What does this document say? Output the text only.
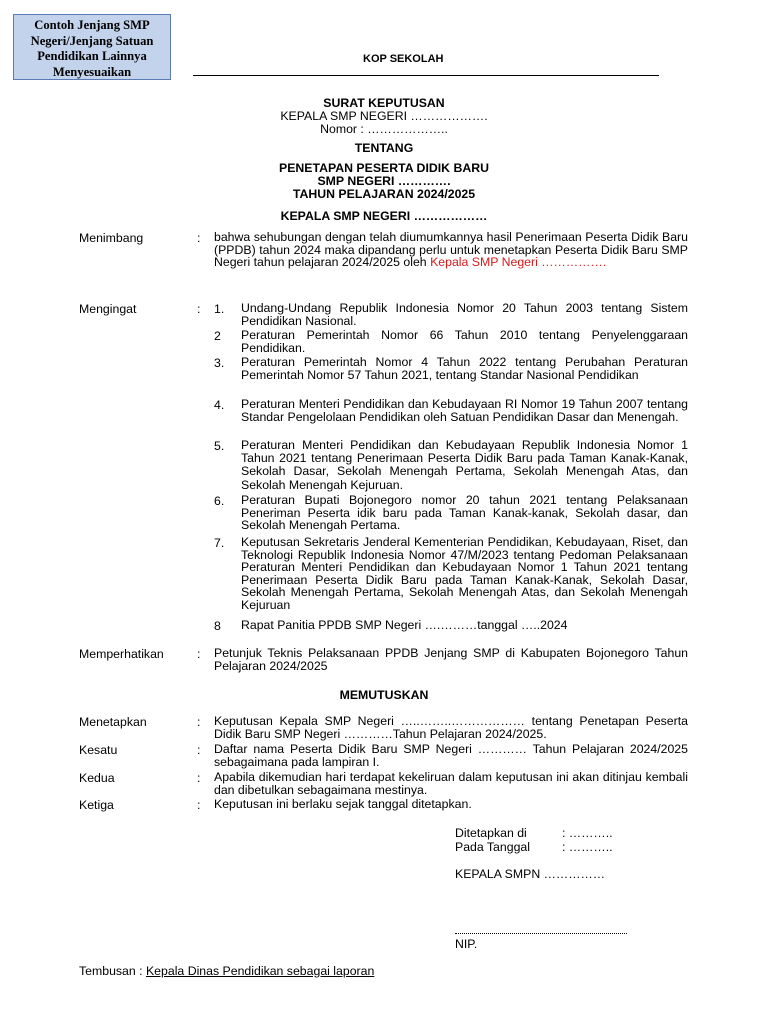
Contoh Jenjang SMP
Negeri/Jenjang Satuan
Pendidikan Lainnya
Menyesuaikan
KOP SEKOLAH
SURAT KEPUTUSAN
KEPALA SMP NEGERI ……………….
Nomor : ………………..
TENTANG
PENETAPAN PESERTA DIDIK BARU
SMP NEGERI ………….
TAHUN PELAJARAN 2024/2025
KEPALA SMP NEGERI ………………
Menimbang	: bahwa sehubungan dengan telah diumumkannya hasil Penerimaan Peserta Didik Baru (PPDB) tahun 2024 maka dipandang perlu untuk menetapkan Peserta Didik Baru SMP Negeri tahun pelajaran 2024/2025 oleh Kepala SMP Negeri …………….
Mengingat	: 1. Undang-Undang Republik Indonesia Nomor 20 Tahun 2003 tentang Sistem Pendidikan Nasional.
2 Peraturan Pemerintah Nomor 66 Tahun 2010 tentang Penyelenggaraan Pendidikan.
3. Peraturan Pemerintah Nomor 4 Tahun 2022 tentang Perubahan Peraturan Pemerintah Nomor 57 Tahun 2021, tentang Standar Nasional Pendidikan
4. Peraturan Menteri Pendidikan dan Kebudayaan RI Nomor 19 Tahun 2007 tentang Standar Pengelolaan Pendidikan oleh Satuan Pendidikan Dasar dan Menengah.
5. Peraturan Menteri Pendidikan dan Kebudayaan Republik Indonesia Nomor 1 Tahun 2021 tentang Penerimaan Peserta Didik Baru pada Taman Kanak-Kanak, Sekolah Dasar, Sekolah Menengah Pertama, Sekolah Menengah Atas, dan Sekolah Menengah Kejuruan.
6. Peraturan Bupati Bojonegoro nomor 20 tahun 2021 tentang Pelaksanaan Peneriman Peserta idik baru pada Taman Kanak-kanak, Sekolah dasar, dan Sekolah Menengah Pertama.
7. Keputusan Sekretaris Jenderal Kementerian Pendidikan, Kebudayaan, Riset, dan Teknologi Republik Indonesia Nomor 47/M/2023 tentang Pedoman Pelaksanaan Peraturan Menteri Pendidikan dan Kebudayaan Nomor 1 Tahun 2021 tentang Penerimaan Peserta Didik Baru pada Taman Kanak-Kanak, Sekolah Dasar, Sekolah Menengah Pertama, Sekolah Menengah Atas, dan Sekolah Menengah Kejuruan
8 Rapat Panitia PPDB SMP Negeri ….………tanggal …..2024
Memperhatikan	: Petunjuk Teknis Pelaksanaan PPDB Jenjang SMP di Kabupaten Bojonegoro Tahun Pelajaran 2024/2025
MEMUTUSKAN
Menetapkan	: Keputusan Kepala SMP Negeri …..……..……………… tentang Penetapan Peserta Didik Baru SMP Negeri …………Tahun Pelajaran 2024/2025.
Kesatu	: Daftar nama Peserta Didik Baru SMP Negeri ………… Tahun Pelajaran 2024/2025 sebagaimana pada lampiran I.
Kedua	: Apabila dikemudian hari terdapat kekeliruan dalam keputusan ini akan ditinjau kembali dan dibetulkan sebagaimana mestinya.
Ketiga	: Keputusan ini berlaku sejak tanggal ditetapkan.
Ditetapkan di	: ………..
Pada Tanggal	: ………..
KEPALA SMPN ……………
NIP.
Tembusan : Kepala Dinas Pendidikan sebagai laporan
